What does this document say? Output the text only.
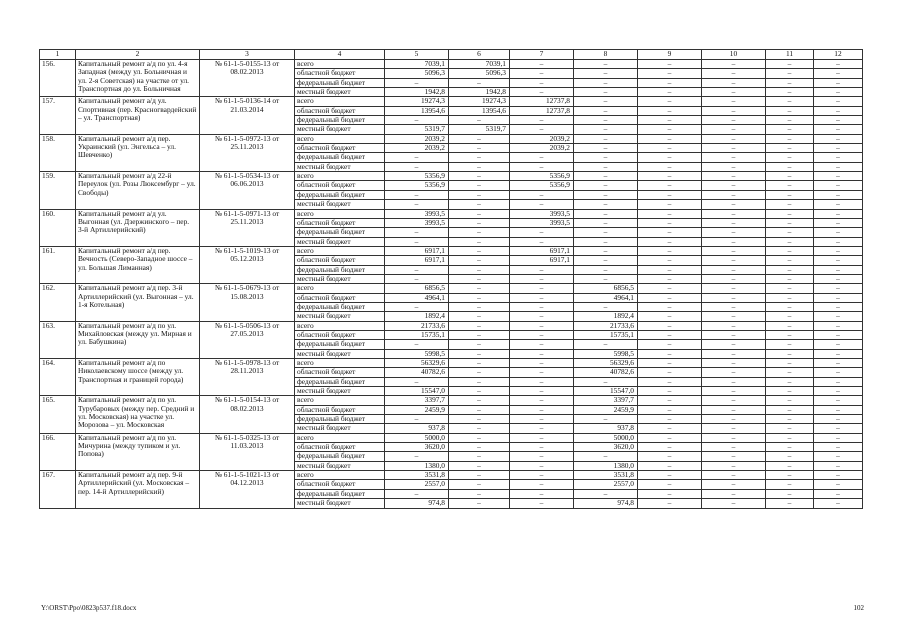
1	2	3	4	5	6	7	8	9	10	11	12
156.	Капитальный ремонт а/д по ул. 4-я Западная (между ул. Больничная и ул. 2-я Советская) на участке от ул. Транспортная до ул. Больничная	№ 61-1-5-0155-13 от 08.02.2013	всего	7039,1	7039,1	–	–	–	–	–	–
			областной бюджет	5096,3	5096,3	–	–	–	–	–	–
			федеральный бюджет	–	–	–	–	–	–	–	–
			местный бюджет	1942,8	1942,8	–	–	–	–	–	–
157.	Капитальный ремонт а/д ул. Спортивная (пер. Красногвардейский – ул. Транспортная)	№ 61-1-5-0136-14 от 21.03.2014	всего	19274,3	19274,3	12737,8	–	–	–	–	–
			областной бюджет	13954,6	13954,6	12737,8	–	–	–	–	–
			федеральный бюджет	–	–	–	–	–	–	–	–
			местный бюджет	5319,7	5319,7	–	–	–	–	–	–
158.	Капитальный ремонт а/д пер. Украинский (ул. Энгельса – ул. Шевченко)	№ 61-1-5-0972-13 от 25.11.2013	всего	2039,2	–	2039,2	–	–	–	–	–
			областной бюджет	2039,2	–	2039,2	–	–	–	–	–
			федеральный бюджет	–	–	–	–	–	–	–	–
			местный бюджет	–	–	–	–	–	–	–	–
159.	Капитальный ремонт а/д 22-й Переулок (ул. Розы Люксембург – ул. Свободы)	№ 61-1-5-0534-13 от 06.06.2013	всего	5356,9	–	5356,9	–	–	–	–	–
			областной бюджет	5356,9	–	5356,9	–	–	–	–	–
			федеральный бюджет	–	–	–	–	–	–	–	–
			местный бюджет	–	–	–	–	–	–	–	–
160.	Капитальный ремонт а/д ул. Выгонная (ул. Дзержинского – пер. 3-й Артиллерийский)	№ 61-1-5-0971-13 от 25.11.2013	всего	3993,5	–	3993,5	–	–	–	–	–
			областной бюджет	3993,5	–	3993,5	–	–	–	–	–
			федеральный бюджет	–	–	–	–	–	–	–	–
			местный бюджет	–	–	–	–	–	–	–	–
161.	Капитальный ремонт а/д пер. Вечность (Северо-Западное шоссе – ул. Большая Лиманная)	№ 61-1-5-1019-13 от 05.12.2013	всего	6917,1	–	6917,1	–	–	–	–	–
			областной бюджет	6917,1	–	6917,1	–	–	–	–	–
			федеральный бюджет	–	–	–	–	–	–	–	–
			местный бюджет	–	–	–	–	–	–	–	–
162.	Капитальный ремонт а/д пер. 3-й Артиллерийский (ул. Выгонная – ул. 1-я Котельная)	№ 61-1-5-0679-13 от 15.08.2013	всего	6856,5	–	–	6856,5	–	–	–	–
			областной бюджет	4964,1	–	–	4964,1	–	–	–	–
			федеральный бюджет	–	–	–	–	–	–	–	–
			местный бюджет	1892,4	–	–	1892,4	–	–	–	–
163.	Капитальный ремонт а/д по ул. Михайловская (между ул. Мирная и ул. Бабушкина)	№ 61-1-5-0506-13 от 27.05.2013	всего	21733,6	–	–	21733,6	–	–	–	–
			областной бюджет	15735,1	–	–	15735,1	–	–	–	–
			федеральный бюджет	–	–	–	–	–	–	–	–
			местный бюджет	5998,5	–	–	5998,5	–	–	–	–
164.	Капитальный ремонт а/д по Николаевскому шоссе (между ул. Транспортная и границей города)	№ 61-1-5-0978-13 от 28.11.2013	всего	56329,6	–	–	56329,6	–	–	–	–
			областной бюджет	40782,6	–	–	40782,6	–	–	–	–
			федеральный бюджет	–	–	–	–	–	–	–	–
			местный бюджет	15547,0	–	–	15547,0	–	–	–	–
165.	Капитальный ремонт а/д по ул. Турубаровых (между пер. Средний и ул. Московская) на участке ул. Морозова – ул. Московская	№ 61-1-5-0154-13 от 08.02.2013	всего	3397,7	–	–	3397,7	–	–	–	–
			областной бюджет	2459,9	–	–	2459,9	–	–	–	–
			федеральный бюджет	–	–	–	–	–	–	–	–
			местный бюджет	937,8	–	–	937,8	–	–	–	–
166.	Капитальный ремонт а/д по ул. Мичурина (между тупиком и ул. Попова)	№ 61-1-5-0325-13 от 11.03.2013	всего	5000,0	–	–	5000,0	–	–	–	–
			областной бюджет	3620,0	–	–	3620,0	–	–	–	–
			федеральный бюджет	–	–	–	–	–	–	–	–
			местный бюджет	1380,0	–	–	1380,0	–	–	–	–
167.	Капитальный ремонт а/д пер. 9-й Артиллерийский (ул. Московская – пер. 14-й Артиллерийский)	№ 61-1-5-1021-13 от 04.12.2013	всего	3531,8	–	–	3531,8	–	–	–	–
			областной бюджет	2557,0	–	–	2557,0	–	–	–	–
			федеральный бюджет	–	–	–	–	–	–	–	–
			местный бюджет	974,8	–	–	974,8	–	–	–	–
Y:\ORST\Ppo\0823p537.f18.docx	102
